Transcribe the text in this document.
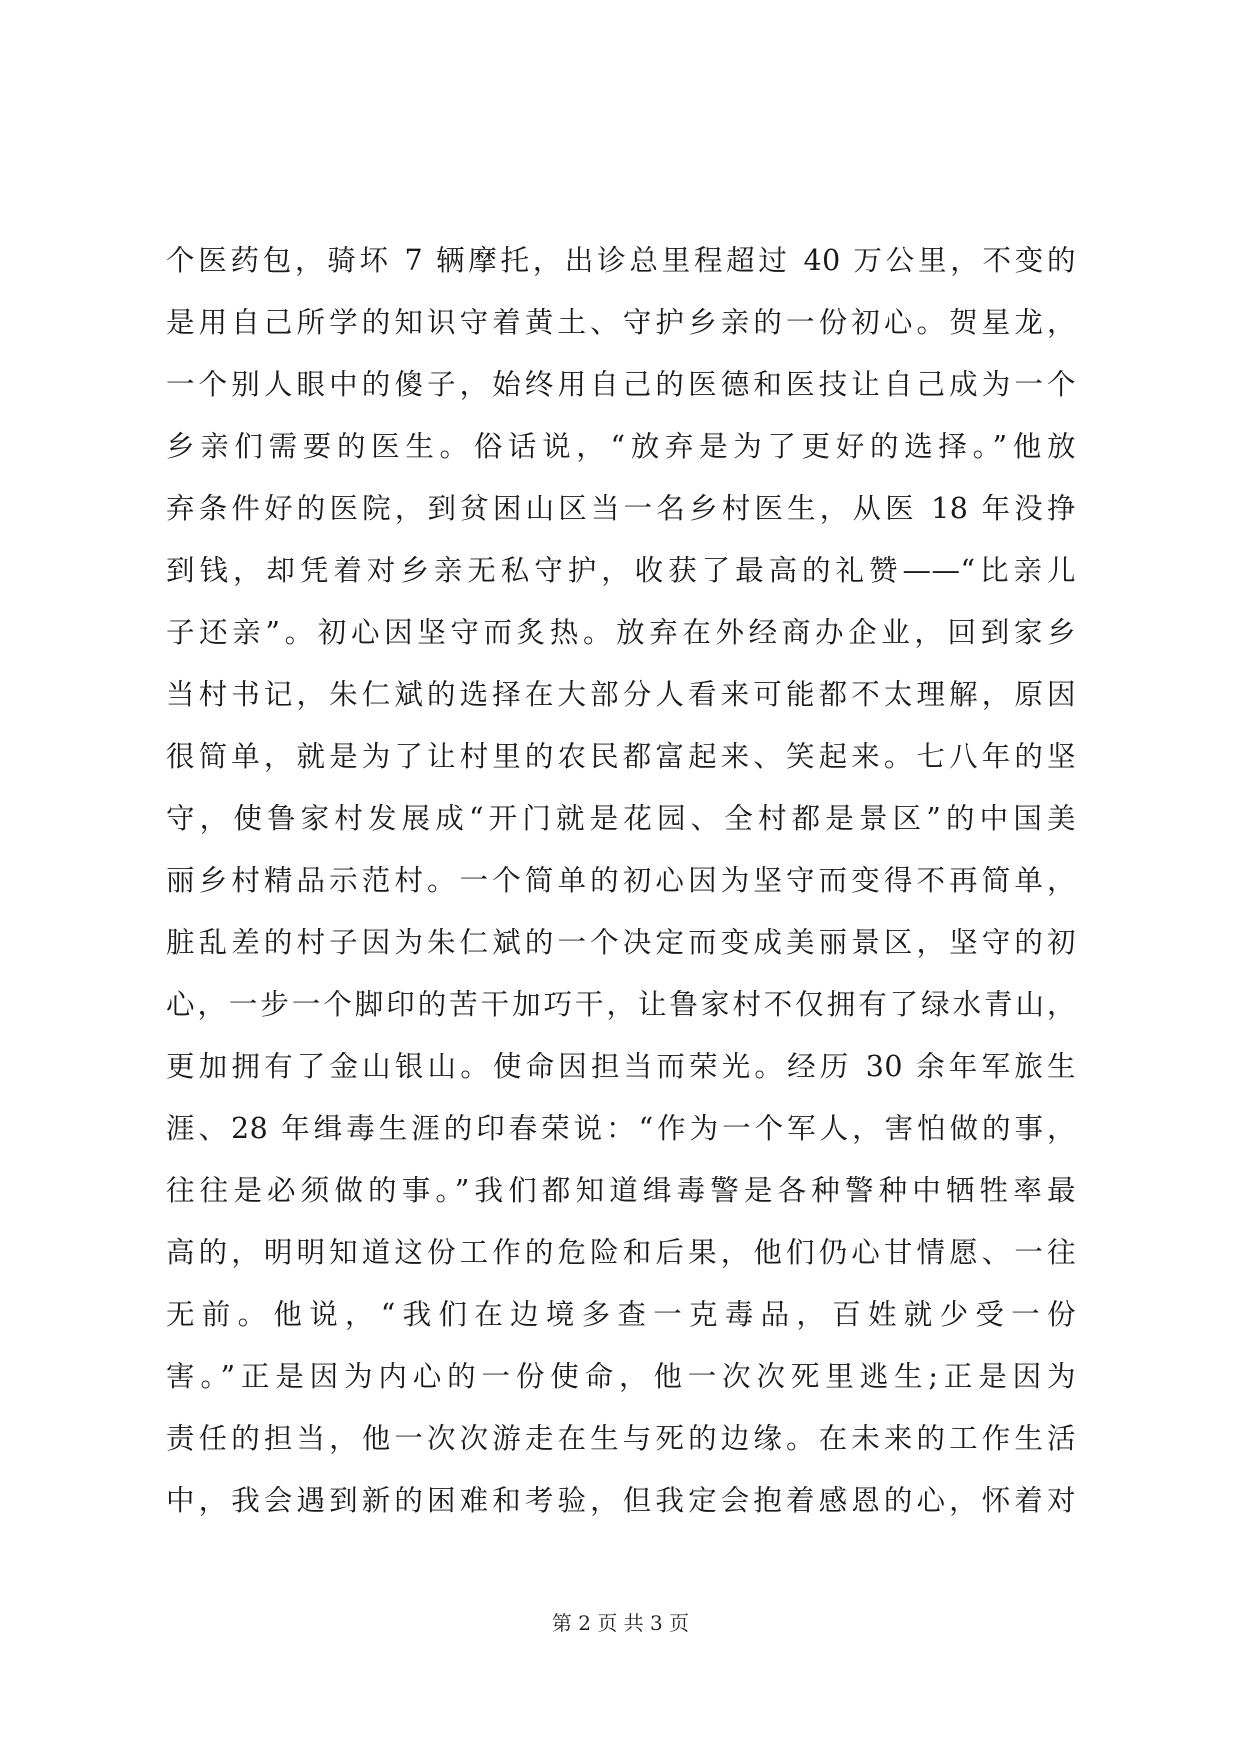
个医药包，骑坏 7 辆摩托，出诊总里程超过 40 万公里，不变的
是用自己所学的知识守着黄土、守护乡亲的一份初心。贺星龙，
一个别人眼中的傻子，始终用自己的医德和医技让自己成为一个
乡亲们需要的医生。俗话说，“放弃是为了更好的选择。”他放
弃条件好的医院，到贫困山区当一名乡村医生，从医 18 年没挣
到钱，却凭着对乡亲无私守护，收获了最高的礼赞——“比亲儿
子还亲”。初心因坚守而炙热。放弃在外经商办企业，回到家乡
当村书记，朱仁斌的选择在大部分人看来可能都不太理解，原因
很简单，就是为了让村里的农民都富起来、笑起来。七八年的坚
守，使鲁家村发展成“开门就是花园、全村都是景区”的中国美
丽乡村精品示范村。一个简单的初心因为坚守而变得不再简单，
脏乱差的村子因为朱仁斌的一个决定而变成美丽景区，坚守的初
心，一步一个脚印的苦干加巧干，让鲁家村不仅拥有了绿水青山，
更加拥有了金山银山。使命因担当而荣光。经历 30 余年军旅生
涯、28 年缉毒生涯的印春荣说：“作为一个军人，害怕做的事，
往往是必须做的事。”我们都知道缉毒警是各种警种中牺牲率最
高的，明明知道这份工作的危险和后果，他们仍心甘情愿、一往
无前。他说，“我们在边境多查一克毒品，百姓就少受一份
害。”正是因为内心的一份使命，他一次次死里逃生;正是因为
责任的担当，他一次次游走在生与死的边缘。在未来的工作生活
中，我会遇到新的困难和考验，但我定会抱着感恩的心，怀着对
第 2 页 共 3 页
